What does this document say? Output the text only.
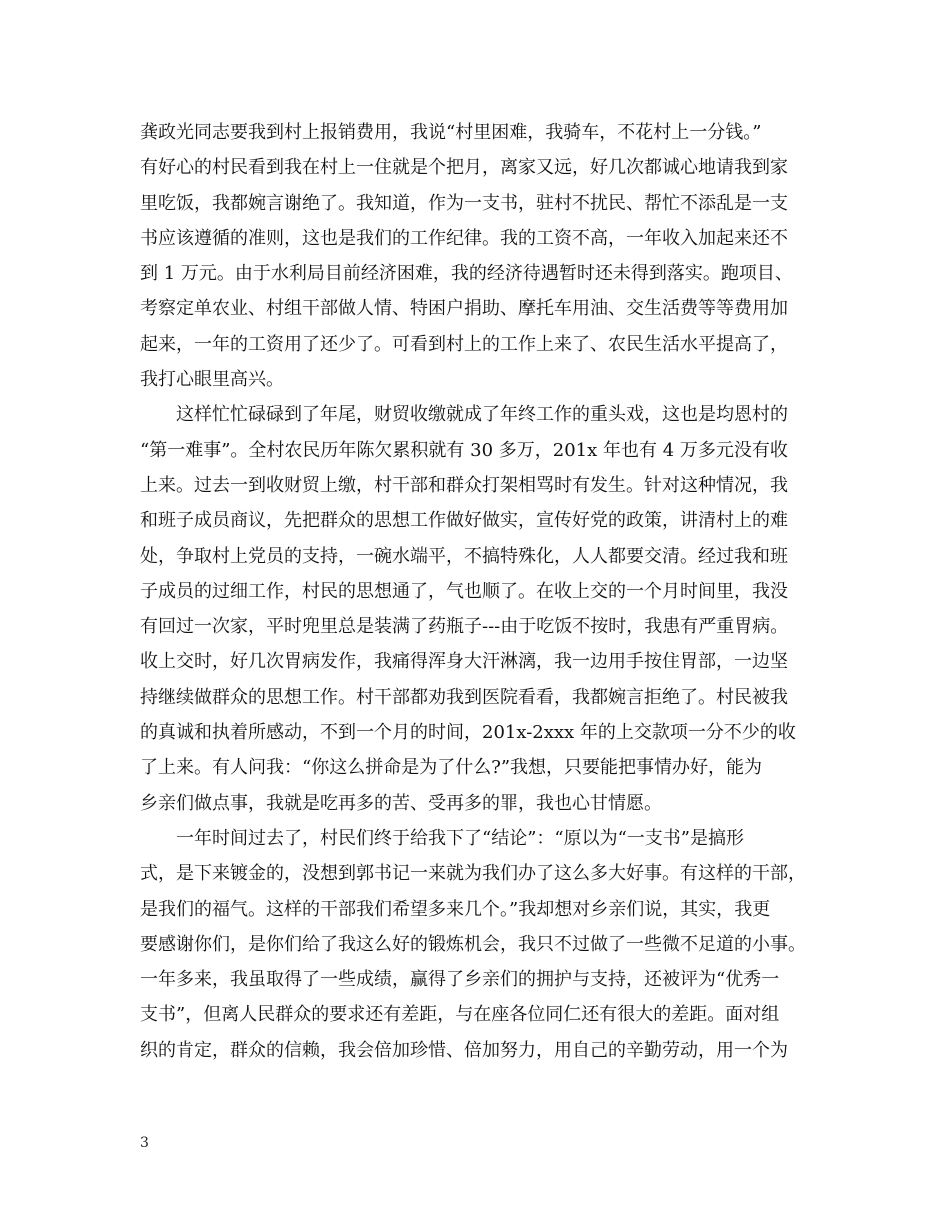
龚政光同志要我到村上报销费用，我说“村里困难，我骑车，不花村上一分钱。”
有好心的村民看到我在村上一住就是个把月，离家又远，好几次都诚心地请我到家
里吃饭，我都婉言谢绝了。我知道，作为一支书，驻村不扰民、帮忙不添乱是一支
书应该遵循的准则，这也是我们的工作纪律。我的工资不高，一年收入加起来还不
到 1 万元。由于水利局目前经济困难，我的经济待遇暂时还未得到落实。跑项目、
考察定单农业、村组干部做人情、特困户捐助、摩托车用油、交生活费等等费用加
起来，一年的工资用了还少了。可看到村上的工作上来了、农民生活水平提高了，
我打心眼里高兴。
这样忙忙碌碌到了年尾，财贸收缴就成了年终工作的重头戏，这也是均恩村的
“第一难事”。全村农民历年陈欠累积就有 30 多万，201x 年也有 4 万多元没有收
上来。过去一到收财贸上缴，村干部和群众打架相骂时有发生。针对这种情况，我
和班子成员商议，先把群众的思想工作做好做实，宣传好党的政策，讲清村上的难
处，争取村上党员的支持，一碗水端平，不搞特殊化，人人都要交清。经过我和班
子成员的过细工作，村民的思想通了，气也顺了。在收上交的一个月时间里，我没
有回过一次家，平时兜里总是装满了药瓶子---由于吃饭不按时，我患有严重胃病。
收上交时，好几次胃病发作，我痛得浑身大汗淋漓，我一边用手按住胃部，一边坚
持继续做群众的思想工作。村干部都劝我到医院看看，我都婉言拒绝了。村民被我
的真诚和执着所感动，不到一个月的时间，201x-2xxx 年的上交款项一分不少的收
了上来。有人问我：“你这么拼命是为了什么?”我想，只要能把事情办好，能为
乡亲们做点事，我就是吃再多的苦、受再多的罪，我也心甘情愿。
一年时间过去了，村民们终于给我下了“结论”：“原以为“一支书”是搞形
式，是下来镀金的，没想到郭书记一来就为我们办了这么多大好事。有这样的干部，
是我们的福气。这样的干部我们希望多来几个。”我却想对乡亲们说，其实，我更
要感谢你们，是你们给了我这么好的锻炼机会，我只不过做了一些微不足道的小事。
一年多来，我虽取得了一些成绩，赢得了乡亲们的拥护与支持，还被评为“优秀一
支书”，但离人民群众的要求还有差距，与在座各位同仁还有很大的差距。面对组
织的肯定，群众的信赖，我会倍加珍惜、倍加努力，用自己的辛勤劳动，用一个为
3
